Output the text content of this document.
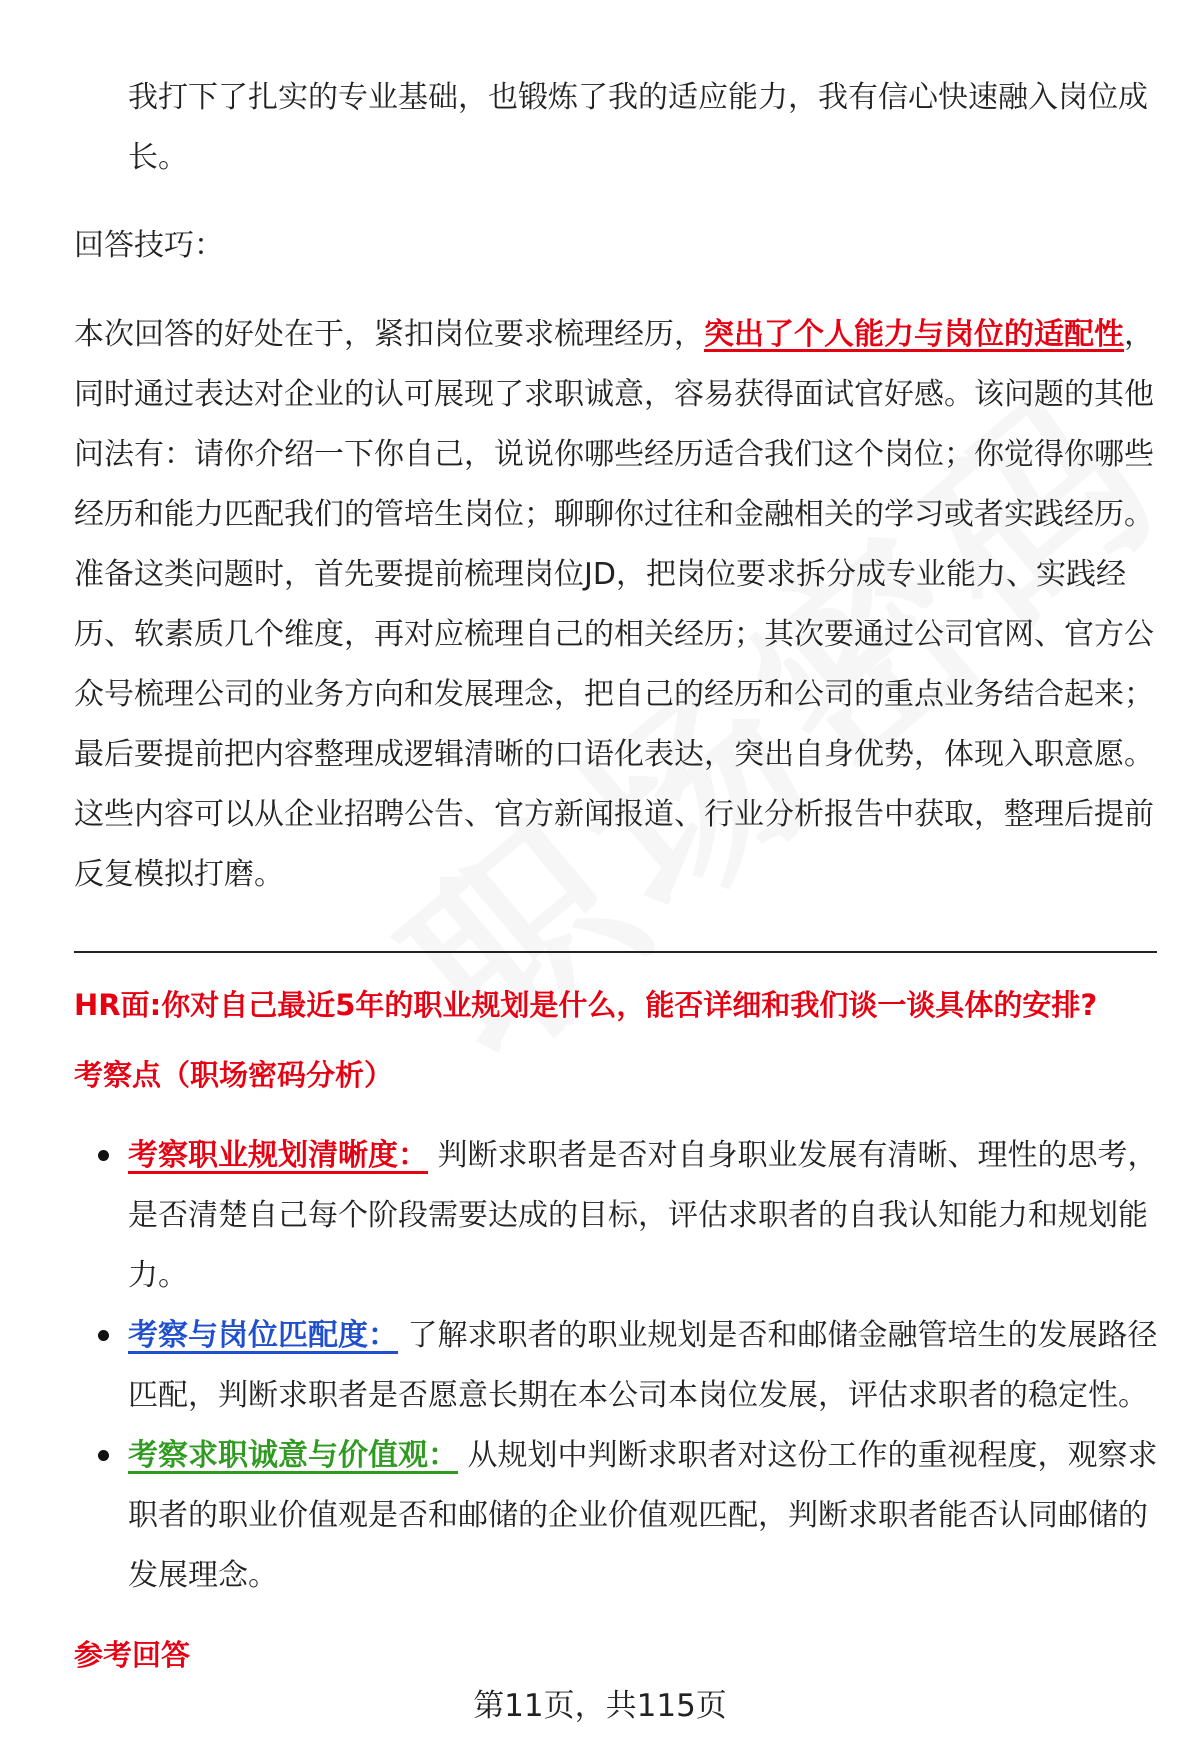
我打下了扎实的专业基础，也锻炼了我的适应能力，我有信心快速融入岗位成长。

回答技巧：

本次回答的好处在于，紧扣岗位要求梳理经历，突出了个人能力与岗位的适配性，同时通过表达对企业的认可展现了求职诚意，容易获得面试官好感。该问题的其他问法有：请你介绍一下你自己，说说你哪些经历适合我们这个岗位；你觉得你哪些经历和能力匹配我们的管培生岗位；聊聊你过往和金融相关的学习或者实践经历。准备这类问题时，首先要提前梳理岗位JD，把岗位要求拆分成专业能力、实践经历、软素质几个维度，再对应梳理自己的相关经历；其次要通过公司官网、官方公众号梳理公司的业务方向和发展理念，把自己的经历和公司的重点业务结合起来；最后要提前把内容整理成逻辑清晰的口语化表达，突出自身优势，体现入职意愿。这些内容可以从企业招聘公告、官方新闻报道、行业分析报告中获取，整理后提前反复模拟打磨。

HR面:你对自己最近5年的职业规划是什么，能否详细和我们谈一谈具体的安排?
考察点（职场密码分析）
考察职业规划清晰度： 判断求职者是否对自身职业发展有清晰、理性的思考，是否清楚自己每个阶段需要达成的目标，评估求职者的自我认知能力和规划能力。
考察与岗位匹配度： 了解求职者的职业规划是否和邮储金融管培生的发展路径匹配，判断求职者是否愿意长期在本公司本岗位发展，评估求职者的稳定性。
考察求职诚意与价值观： 从规划中判断求职者对这份工作的重视程度，观察求职者的职业价值观是否和邮储的企业价值观匹配，判断求职者能否认同邮储的发展理念。
参考回答
第11页，共115页
